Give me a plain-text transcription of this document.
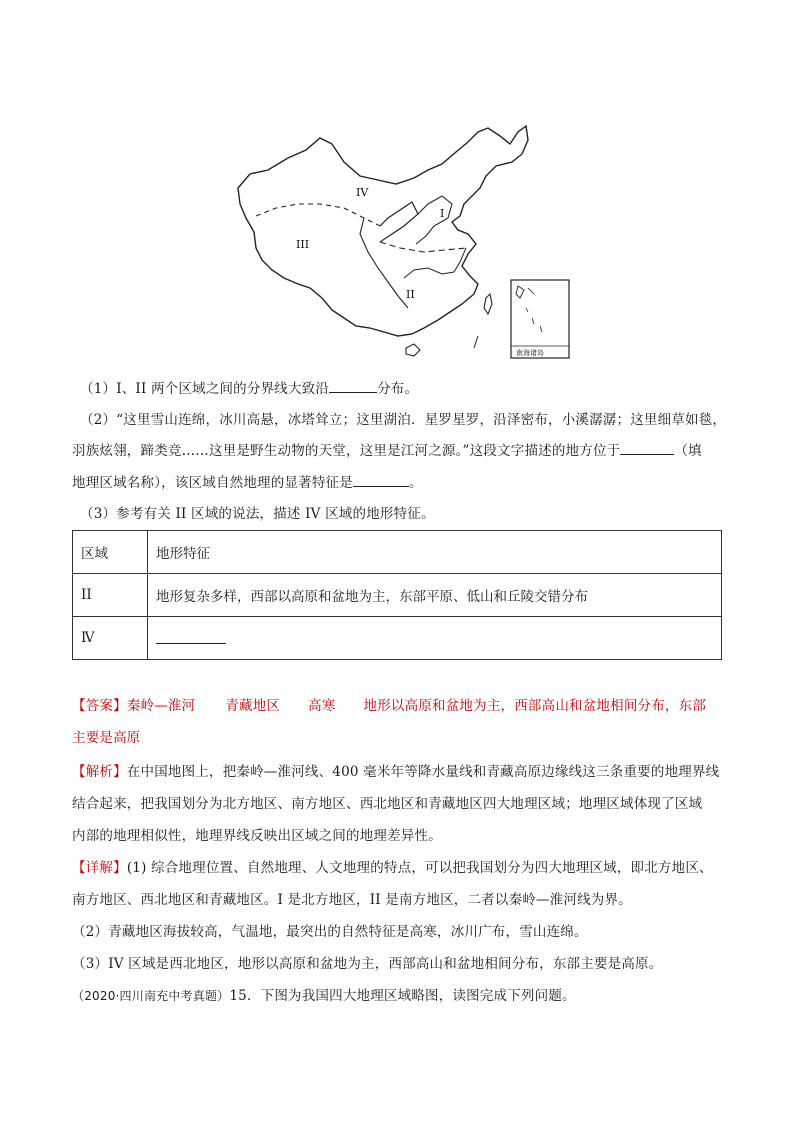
IV
I
III
II
南海诸岛
（1）I、II 两个区域之间的分界线大致沿	分布。
（2）“这里雪山连绵，冰川高悬，冰塔耸立；这里湖泊．星罗星罗，沿泽密布，小溪潺潺；这里细草如毯，
羽族炫翎，蹄类竞……这里是野生动物的天堂，这里是江河之源。”这段文字描述的地方位于	（填
地理区域名称），该区域自然地理的显著特征是	。
（3）参考有关 II 区域的说法，描述 IV 区域的地形特征。
区域	地形特征
II	地形复杂多样，西部以高原和盆地为主，东部平原、低山和丘陵交错分布
Ⅳ	
【答案】秦岭—淮河 青藏地区 高寒 地形以高原和盆地为主，西部高山和盆地相间分布，东部
主要是高原
【解析】在中国地图上，把秦岭—淮河线、400 毫米年等降水量线和青藏高原边缘线这三条重要的地理界线
结合起来，把我国划分为北方地区、南方地区、西北地区和青藏地区四大地理区域；地理区域体现了区域
内部的地理相似性，地理界线反映出区域之间的地理差异性。
【详解】(1) 综合地理位置、自然地理、人文地理的特点，可以把我国划分为四大地理区域，即北方地区、
南方地区、西北地区和青藏地区。I 是北方地区，II 是南方地区，二者以秦岭—淮河线为界。
（2）青藏地区海拔较高，气温地，最突出的自然特征是高寒，冰川广布，雪山连绵。
（3）IV 区域是西北地区，地形以高原和盆地为主，西部高山和盆地相间分布，东部主要是高原。
（2020·四川南充中考真题）15．下图为我国四大地理区域略图，读图完成下列问题。
